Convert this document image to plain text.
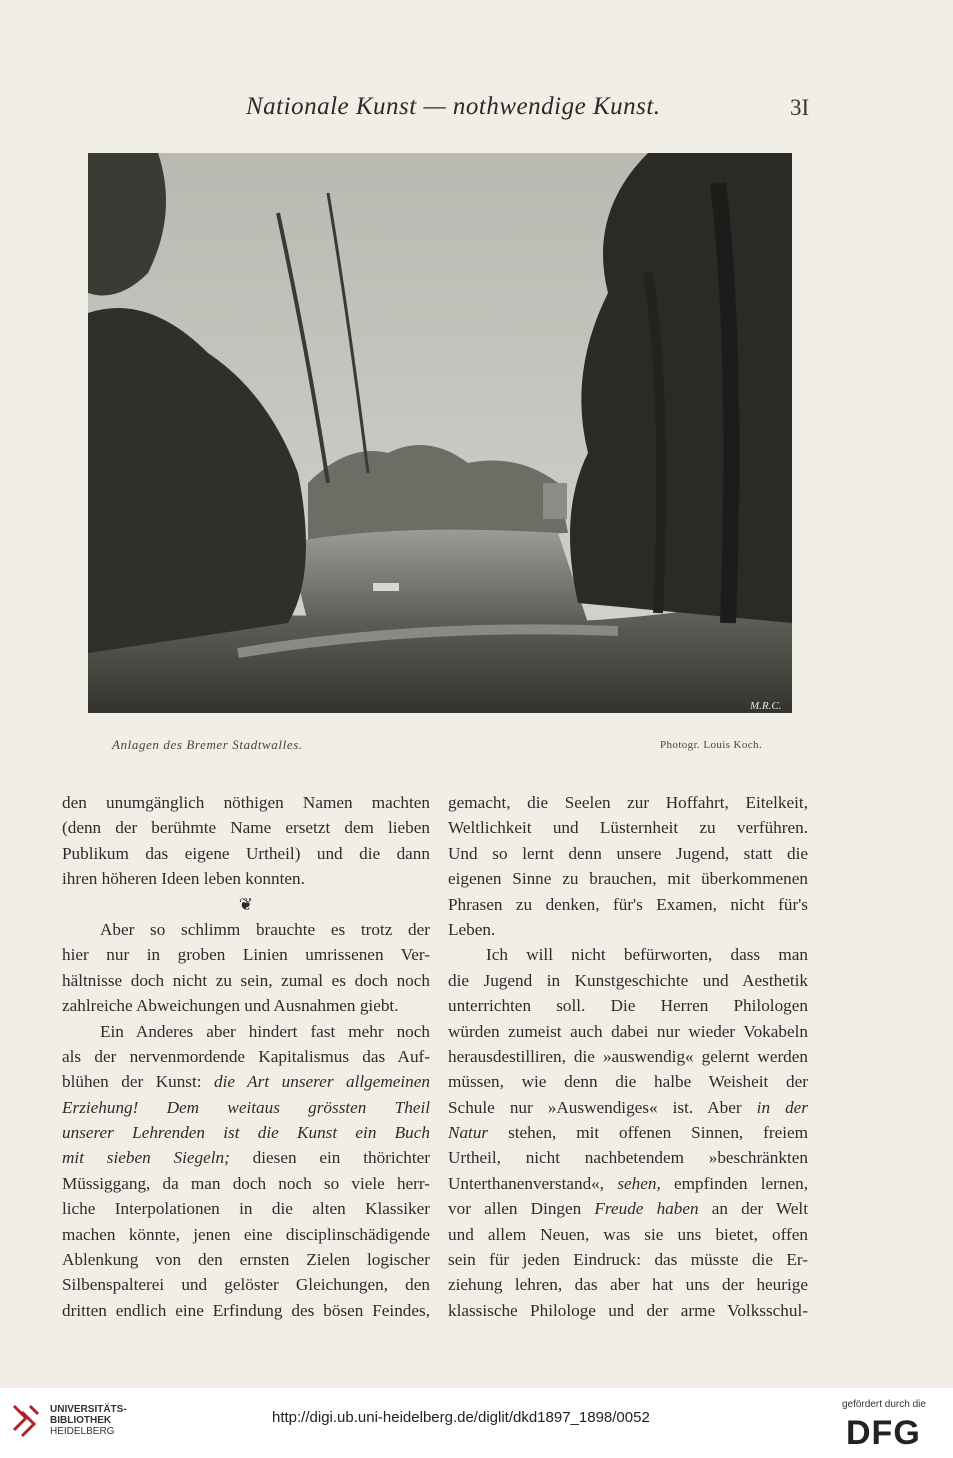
Nationale Kunst — nothwendige Kunst.	3I
M.R.C.
Anlagen des Bremer Stadtwalles.	Photogr. Louis Koch.
den unumgänglich nöthigen Namen machten
(denn der berühmte Name ersetzt dem lieben
Publikum das eigene Urtheil) und die dann
ihren höheren Ideen leben konnten.
❦
Aber so schlimm brauchte es trotz der
hier nur in groben Linien umrissenen Ver-
hältnisse doch nicht zu sein, zumal es doch noch
zahlreiche Abweichungen und Ausnahmen giebt.
Ein Anderes aber hindert fast mehr noch
als der nervenmordende Kapitalismus das Auf-
blühen der Kunst: die Art unserer allgemeinen
Erziehung! Dem weitaus grössten Theil
unserer Lehrenden ist die Kunst ein Buch
mit sieben Siegeln; diesen ein thörichter
Müssiggang, da man doch noch so viele herr-
liche Interpolationen in die alten Klassiker
machen könnte, jenen eine disciplinschädigende
Ablenkung von den ernsten Zielen logischer
Silbenspalterei und gelöster Gleichungen, den
dritten endlich eine Erfindung des bösen Feindes,
gemacht, die Seelen zur Hoffahrt, Eitelkeit,
Weltlichkeit und Lüsternheit zu verführen.
Und so lernt denn unsere Jugend, statt die
eigenen Sinne zu brauchen, mit überkommenen
Phrasen zu denken, für's Examen, nicht für's
Leben.
Ich will nicht befürworten, dass man
die Jugend in Kunstgeschichte und Aesthetik
unterrichten soll. Die Herren Philologen
würden zumeist auch dabei nur wieder Vokabeln
herausdestilliren, die »auswendig« gelernt werden
müssen, wie denn die halbe Weisheit der
Schule nur »Auswendiges« ist. Aber in der
Natur stehen, mit offenen Sinnen, freiem
Urtheil, nicht nachbetendem »beschränkten
Unterthanenverstand«, sehen, empfinden lernen,
vor allen Dingen Freude haben an der Welt
und allem Neuen, was sie uns bietet, offen
sein für jeden Eindruck: das müsste die Er-
ziehung lehren, das aber hat uns der heurige
klassische Philologe und der arme Volksschul-
UNIVERSITÄTS-
BIBLIOTHEK
HEIDELBERG
http://digi.ub.uni-heidelberg.de/diglit/dkd1897_1898/0052
gefördert durch die
DFG
